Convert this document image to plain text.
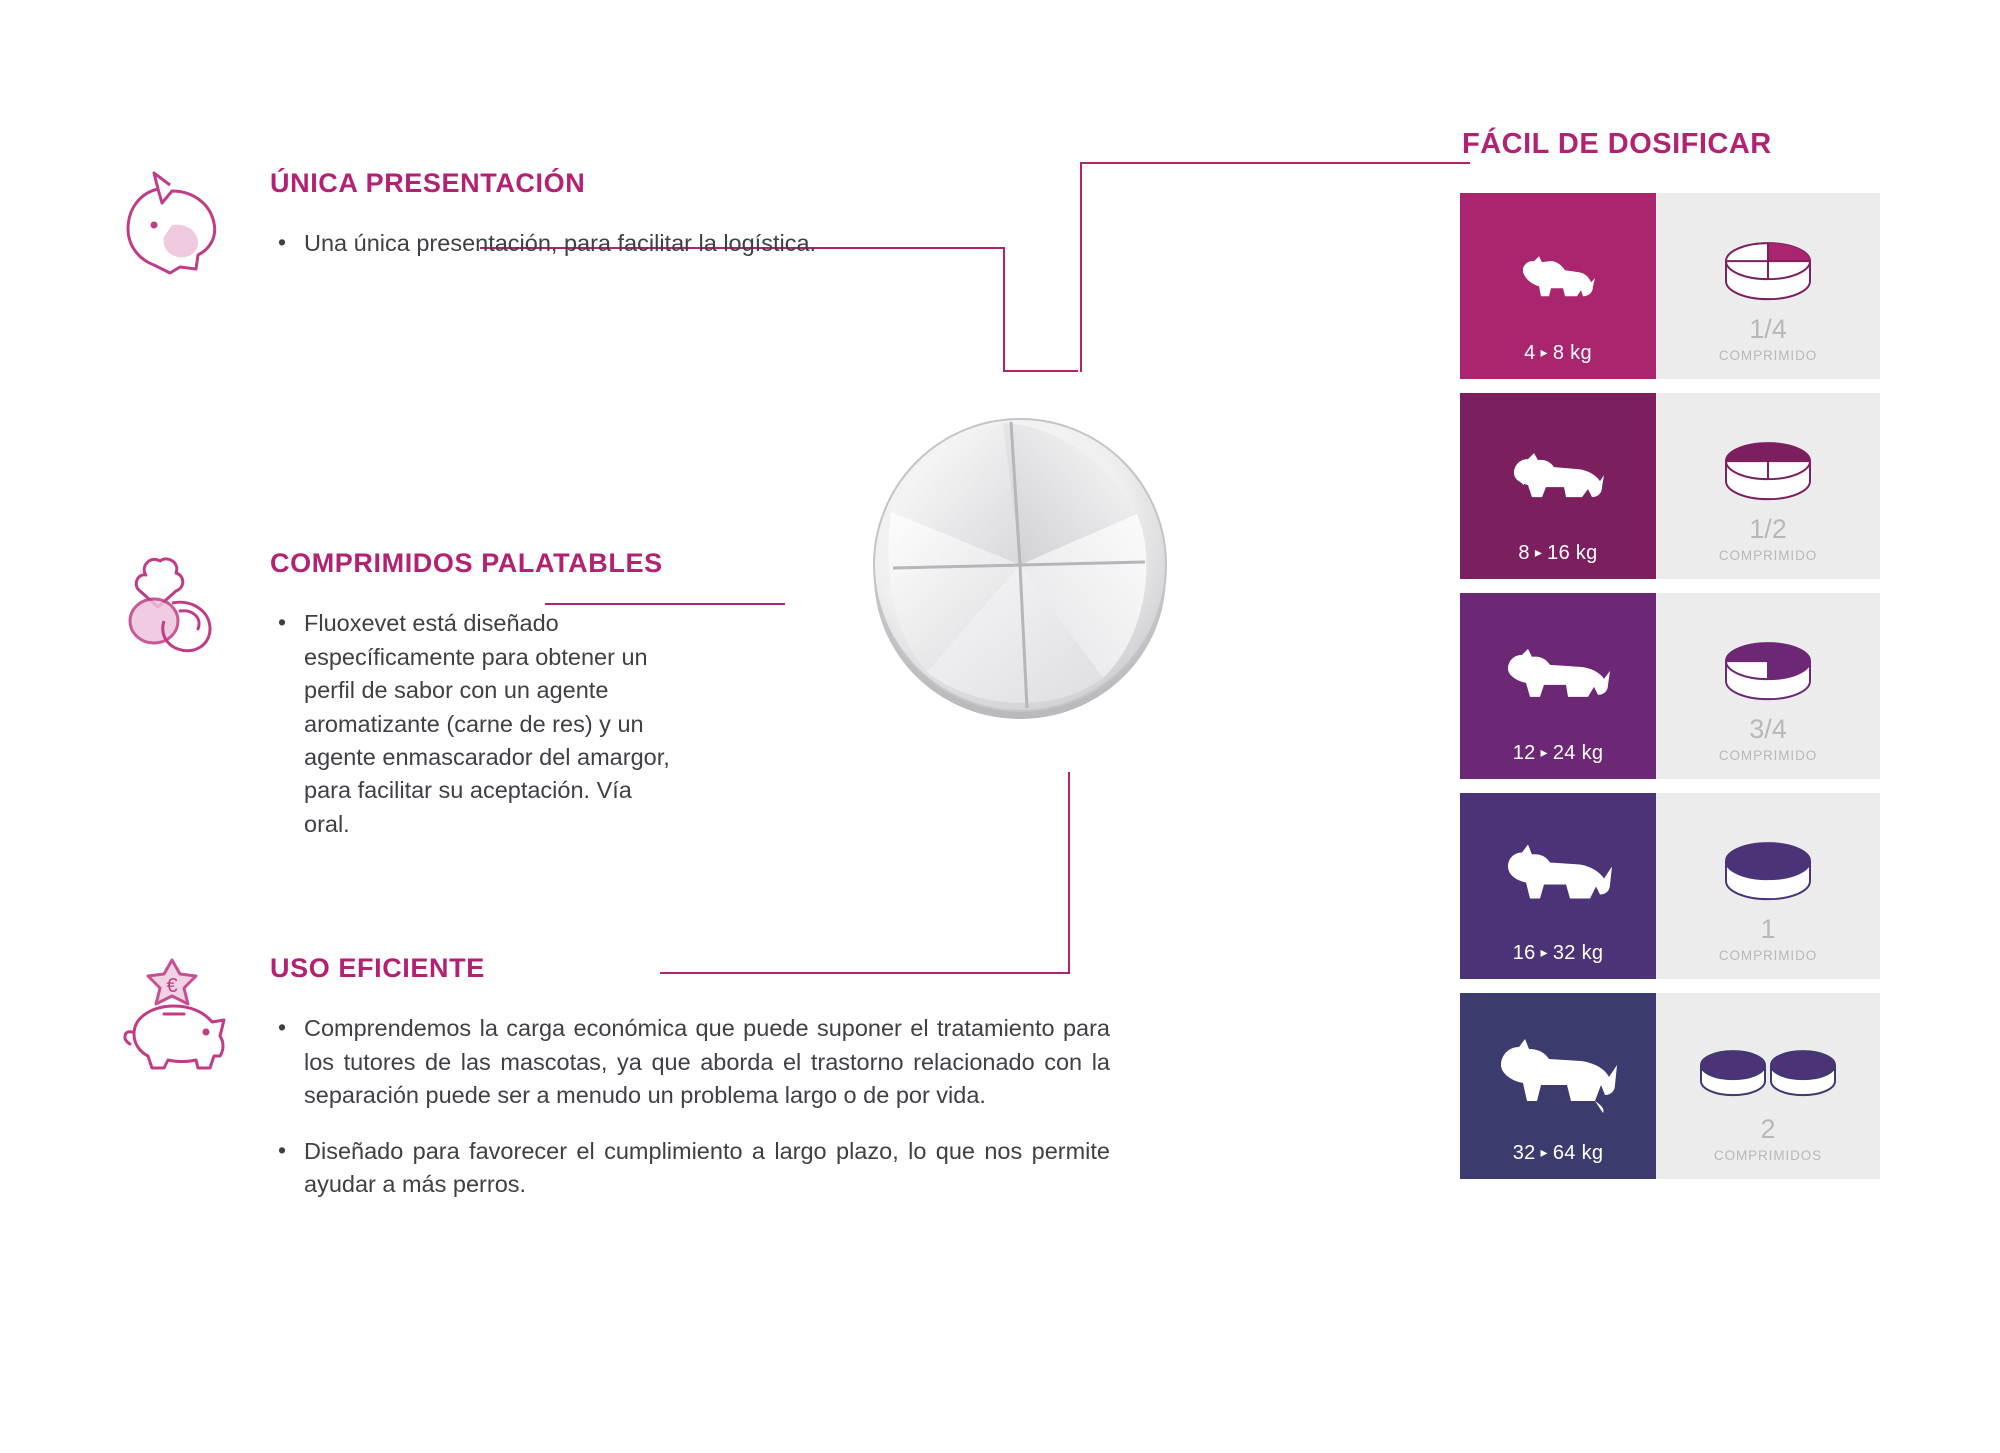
ÚNICA PRESENTACIÓN
• Una única presentación, para facilitar la logística.
COMPRIMIDOS PALATABLES
• Fluoxevet está diseñado específicamente para obtener un perfil de sabor con un agente aromatizante (carne de res) y un agente enmascarador del amargor, para facilitar su aceptación. Vía oral.
€
USO EFICIENTE
• Comprendemos la carga económica que puede suponer el tratamiento para los tutores de las mascotas, ya que aborda el trastorno relacionado con la separación puede ser a menudo un problema largo o de por vida.
• Diseñado para favorecer el cumplimiento a largo plazo, lo que nos permite ayudar a más perros.
FÁCIL DE DOSIFICAR
4 ▸ 8 kg
1/4
COMPRIMIDO
8 ▸ 16 kg
1/2
COMPRIMIDO
12 ▸ 24 kg
3/4
COMPRIMIDO
16 ▸ 32 kg
1
COMPRIMIDO
32 ▸ 64 kg
2
COMPRIMIDOS
